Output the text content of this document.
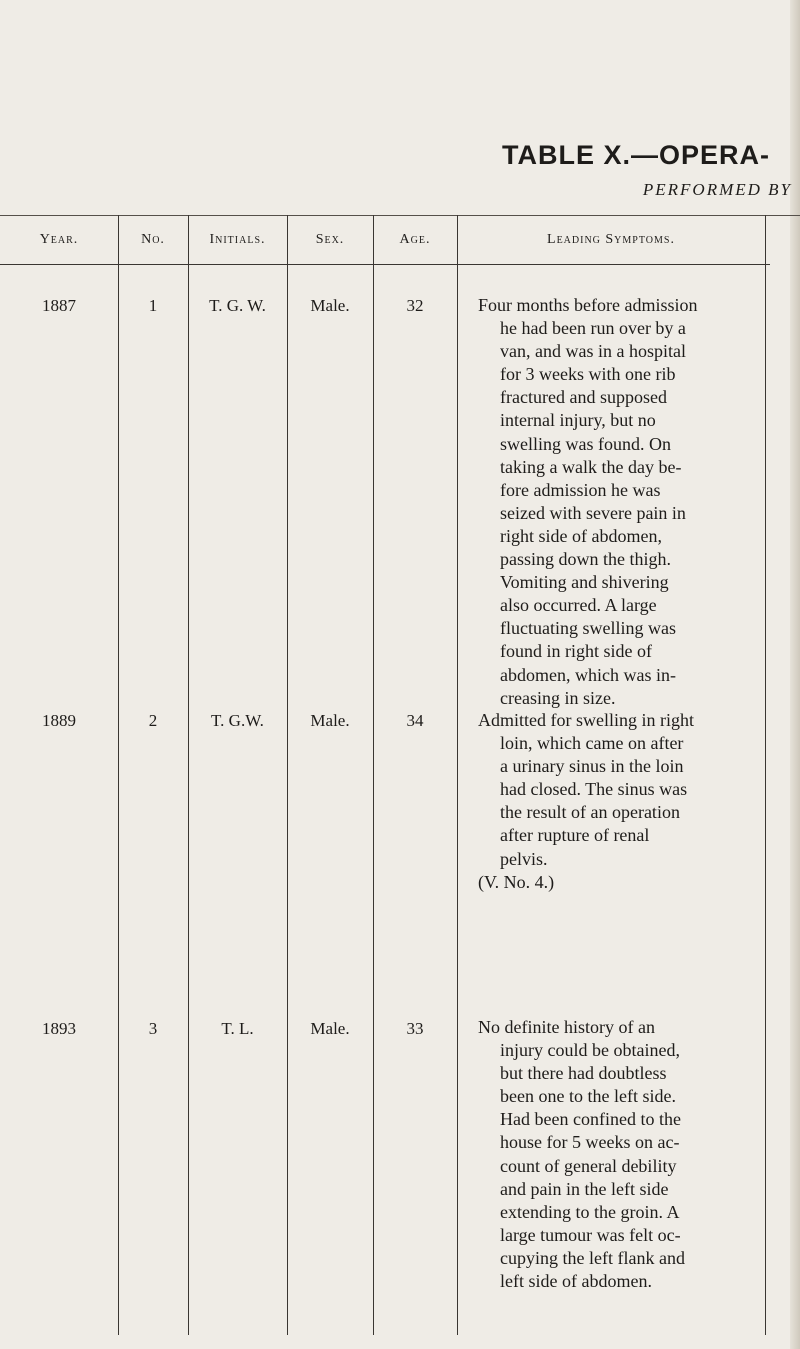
TABLE X.—OPERA-
PERFORMED BY
Year.	No.	Initials.	Sex.	Age.	Leading Symptoms.
1887	1	T. G. W.	Male.	32	Four months before admission
he had been run over by a
van, and was in a hospital
for 3 weeks with one rib
fractured and supposed
internal injury, but no
swelling was found. On
taking a walk the day be-
fore admission he was
seized with severe pain in
right side of abdomen,
passing down the thigh.
Vomiting and shivering
also occurred. A large
fluctuating swelling was
found in right side of
abdomen, which was in-
creasing in size.
1889	2	T. G.W.	Male.	34	Admitted for swelling in right
loin, which came on after
a urinary sinus in the loin
had closed. The sinus was
the result of an operation
after rupture of renal
pelvis.
(V. No. 4.)
1893	3	T. L.	Male.	33	No definite history of an
injury could be obtained,
but there had doubtless
been one to the left side.
Had been confined to the
house for 5 weeks on ac-
count of general debility
and pain in the left side
extending to the groin. A
large tumour was felt oc-
cupying the left flank and
left side of abdomen.
